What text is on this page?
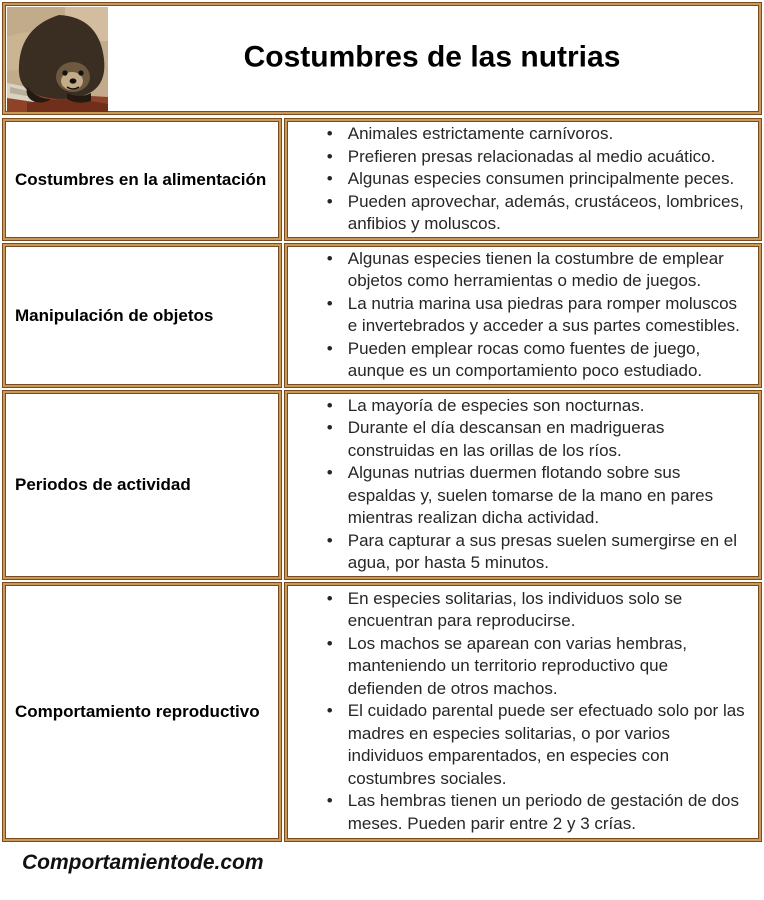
Costumbres de las nutrias
Costumbres en la alimentación

• Animales estrictamente carnívoros.
• Prefieren presas relacionadas al medio acuático.
• Algunas especies consumen principalmente peces.
• Pueden aprovechar, además, crustáceos, lombrices, anfibios y moluscos.

Manipulación de objetos

• Algunas especies tienen la costumbre de emplear objetos como herramientas o medio de juegos.
• La nutria marina usa piedras para romper moluscos e invertebrados y acceder a sus partes comestibles.
• Pueden emplear rocas como fuentes de juego, aunque es un comportamiento poco estudiado.

Periodos de actividad

• La mayoría de especies son nocturnas.
• Durante el día descansan en madrigueras construidas en las orillas de los ríos.
• Algunas nutrias duermen flotando sobre sus espaldas y, suelen tomarse de la mano en pares mientras realizan dicha actividad.
• Para capturar a sus presas suelen sumergirse en el agua, por hasta 5 minutos.

Comportamiento reproductivo

• En especies solitarias, los individuos solo se encuentran para reproducirse.
• Los machos se aparean con varias hembras, manteniendo un territorio reproductivo que defienden de otros machos.
• El cuidado parental puede ser efectuado solo por las madres en especies solitarias, o por varios individuos emparentados, en especies con costumbres sociales.
• Las hembras tienen un periodo de gestación de dos meses. Pueden parir entre 2 y 3 crías.
Comportamientode.com
